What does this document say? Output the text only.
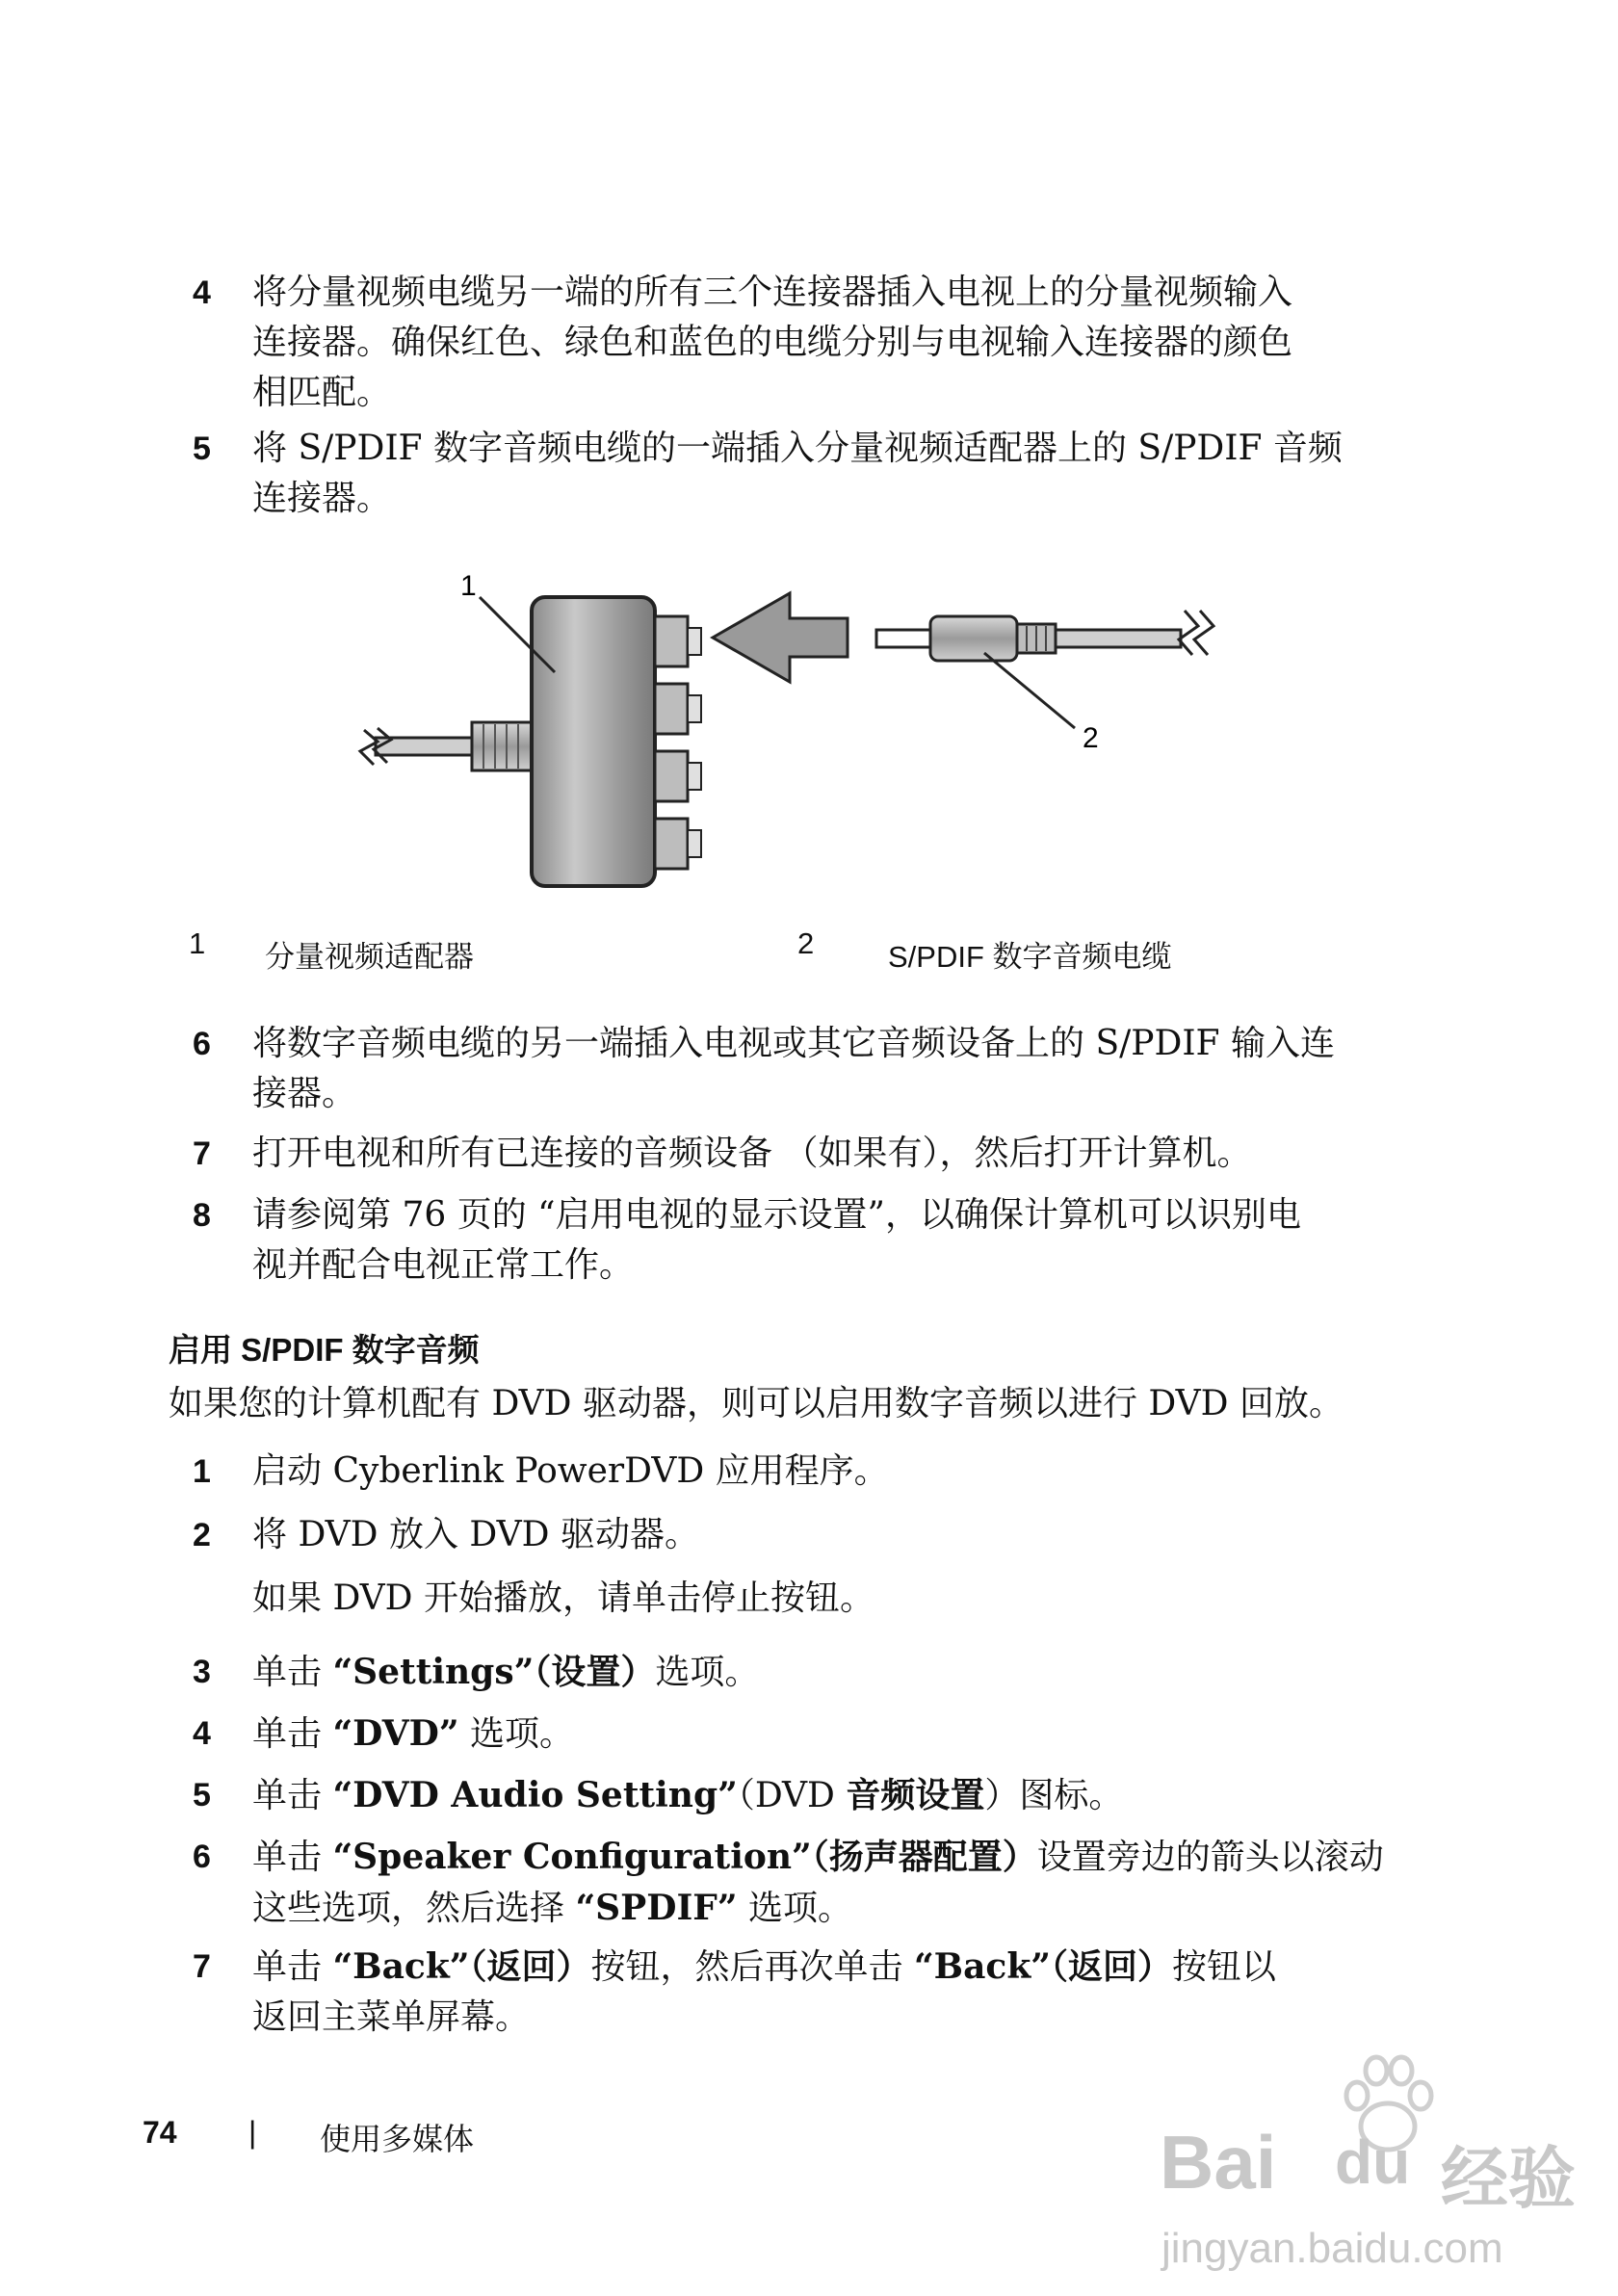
4 将分量视频电缆另一端的所有三个连接器插入电视上的分量视频输入
连接器。确保红色、绿色和蓝色的电缆分别与电视输入连接器的颜色
相匹配。
5 将 S/PDIF 数字音频电缆的一端插入分量视频适配器上的 S/PDIF 音频
连接器。
1
2
1 分量视频适配器	2 S/PDIF 数字音频电缆
6 将数字音频电缆的另一端插入电视或其它音频设备上的 S/PDIF 输入连
接器。
7 打开电视和所有已连接的音频设备 （如果有），然后打开计算机。
8 请参阅第 76 页的 “启用电视的显示设置”，以确保计算机可以识别电
视并配合电视正常工作。
启用 S/PDIF 数字音频
如果您的计算机配有 DVD 驱动器，则可以启用数字音频以进行 DVD 回放。
1 启动 Cyberlink PowerDVD 应用程序。
2 将 DVD 放入 DVD 驱动器。
如果 DVD 开始播放，请单击停止按钮。
3 单击 “Settings”（设置）选项。
4 单击 “DVD” 选项。
5 单击 “DVD Audio Setting”（DVD 音频设置）图标。
6 单击 “Speaker Configuration”（扬声器配置）设置旁边的箭头以滚动
这些选项，然后选择 “SPDIF” 选项。
7 单击 “Back”（返回）按钮，然后再次单击 “Back”（返回）按钮以
返回主菜单屏幕。
74 | 使用多媒体	Bai du 经验
jingyan.baidu.com
